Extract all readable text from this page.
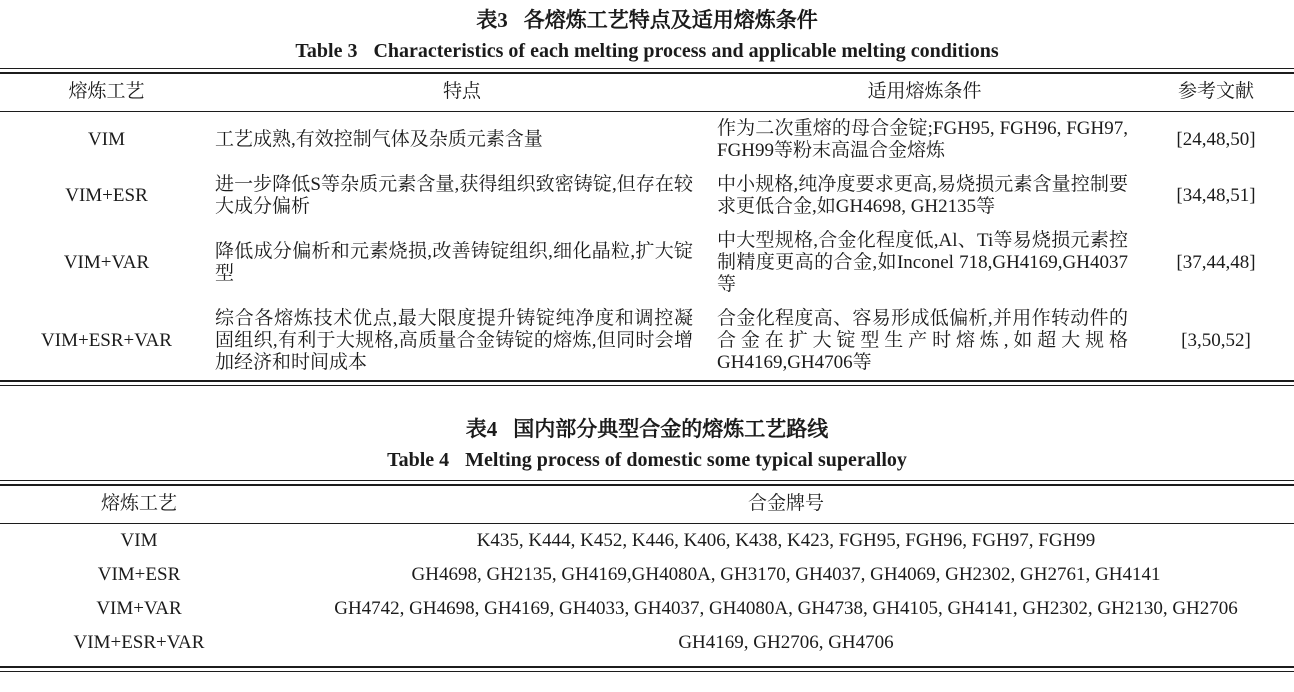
表3 各熔炼工艺特点及适用熔炼条件
Table 3 Characteristics of each melting process and applicable melting conditions
熔炼工艺	特点	适用熔炼条件	参考文献
VIM	工艺成熟,有效控制气体及杂质元素含量	作为二次重熔的母合金锭;FGH95, FGH96, FGH97, FGH99等粉末高温合金熔炼	[24,48,50]
VIM+ESR	进一步降低S等杂质元素含量,获得组织致密铸锭,但存在较大成分偏析	中小规格,纯净度要求更高,易烧损元素含量控制要求更低合金,如GH4698, GH2135等	[34,48,51]
VIM+VAR	降低成分偏析和元素烧损,改善铸锭组织,细化晶粒,扩大锭型	中大型规格,合金化程度低,Al、Ti等易烧损元素控制精度更高的合金,如Inconel 718,GH4169,GH4037等	[37,44,48]
VIM+ESR+VAR	综合各熔炼技术优点,最大限度提升铸锭纯净度和调控凝固组织,有利于大规格,高质量合金铸锭的熔炼,但同时会增加经济和时间成本	合金化程度高、容易形成低偏析,并用作转动件的合金在扩大锭型生产时熔炼,如超大规格GH4169,GH4706等	[3,50,52]
表4 国内部分典型合金的熔炼工艺路线
Table 4 Melting process of domestic some typical superalloy
熔炼工艺	合金牌号
VIM	K435, K444, K452, K446, K406, K438, K423, FGH95, FGH96, FGH97, FGH99
VIM+ESR	GH4698, GH2135, GH4169,GH4080A, GH3170, GH4037, GH4069, GH2302, GH2761, GH4141
VIM+VAR	GH4742, GH4698, GH4169, GH4033, GH4037, GH4080A, GH4738, GH4105, GH4141, GH2302, GH2130, GH2706
VIM+ESR+VAR	GH4169, GH2706, GH4706
